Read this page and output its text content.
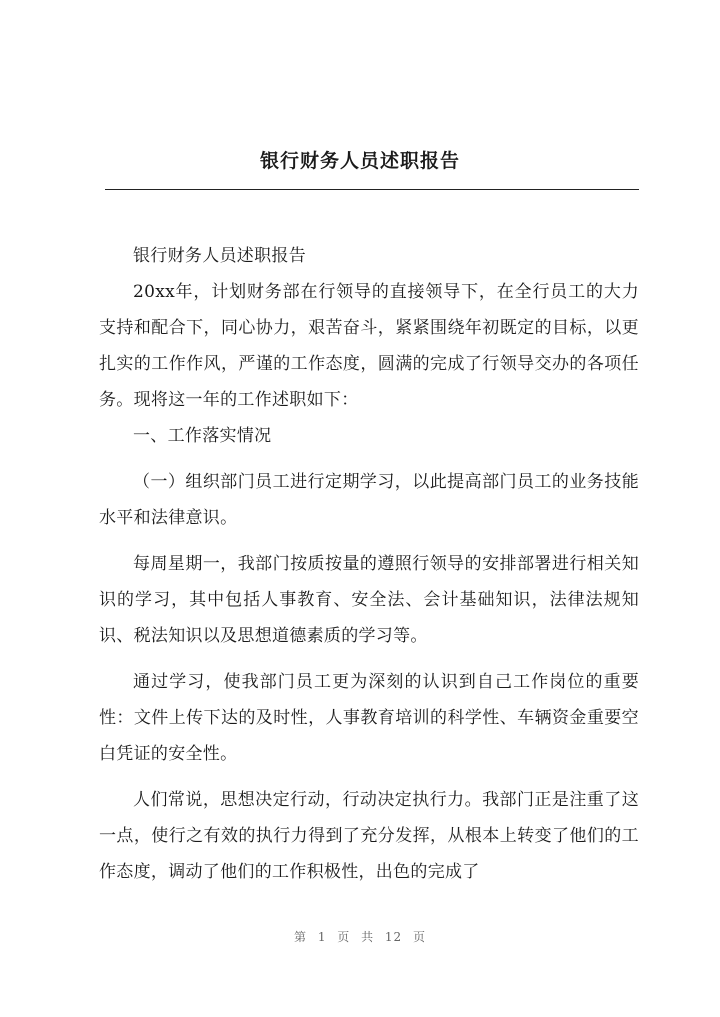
银行财务人员述职报告

银行财务人员述职报告

20xx年，计划财务部在行领导的直接领导下，在全行员工的大力支持和配合下，同心协力，艰苦奋斗，紧紧围绕年初既定的目标，以更扎实的工作作风，严谨的工作态度，圆满的完成了行领导交办的各项任务。现将这一年的工作述职如下：

一、工作落实情况

（一）组织部门员工进行定期学习，以此提高部门员工的业务技能水平和法律意识。

每周星期一，我部门按质按量的遵照行领导的安排部署进行相关知识的学习，其中包括人事教育、安全法、会计基础知识，法律法规知识、税法知识以及思想道德素质的学习等。

通过学习，使我部门员工更为深刻的认识到自己工作岗位的重要性：文件上传下达的及时性，人事教育培训的科学性、车辆资金重要空白凭证的安全性。

人们常说，思想决定行动，行动决定执行力。我部门正是注重了这一点，使行之有效的执行力得到了充分发挥，从根本上转变了他们的工作态度，调动了他们的工作积极性，出色的完成了

第 1 页 共 12 页
